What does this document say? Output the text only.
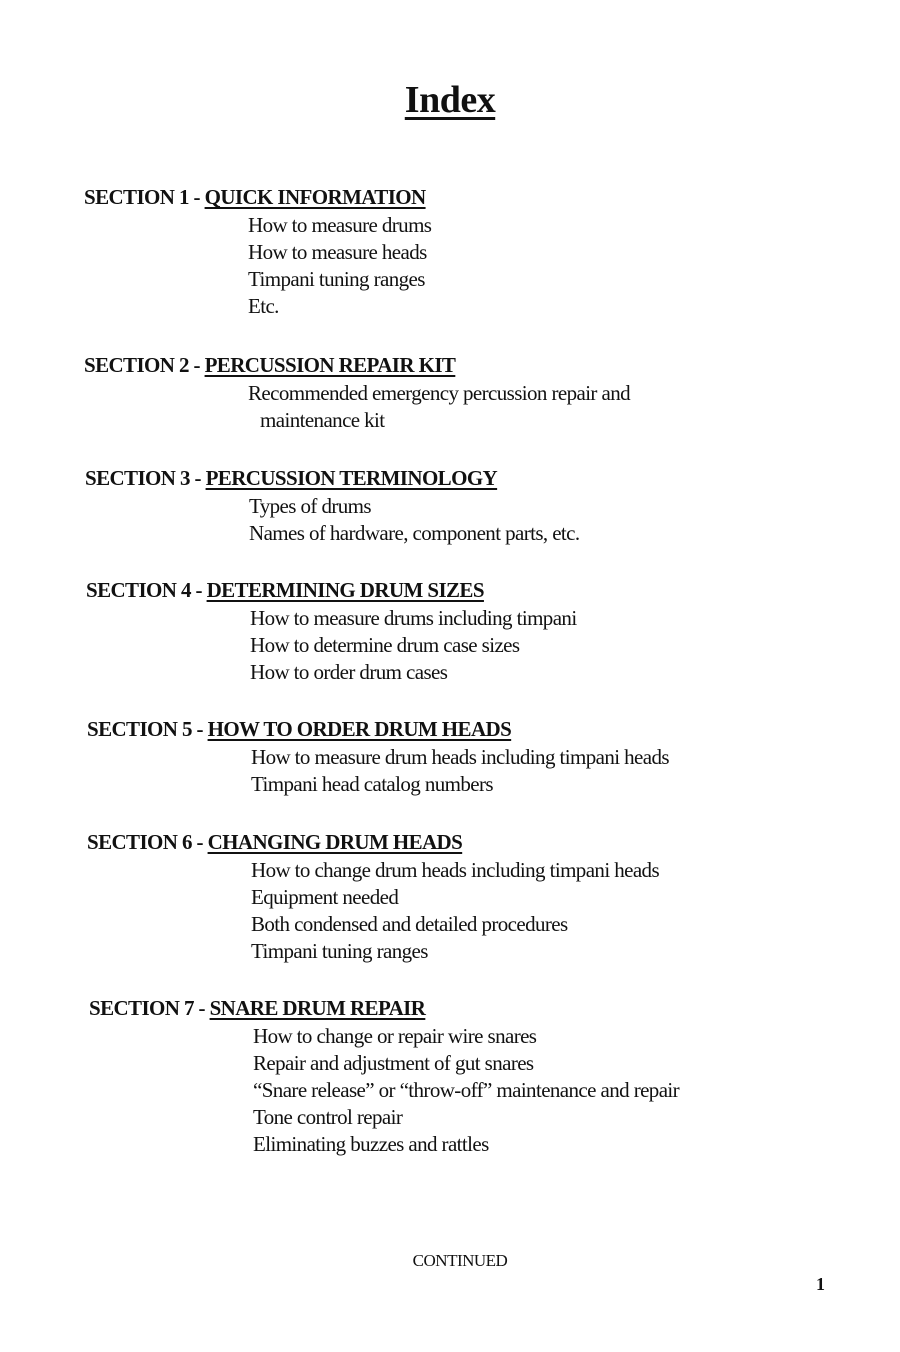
Index
SECTION 1 - QUICK INFORMATION
How to measure drums
How to measure heads
Timpani tuning ranges
Etc.
SECTION 2 - PERCUSSION REPAIR KIT
Recommended emergency percussion repair and
maintenance kit
SECTION 3 - PERCUSSION TERMINOLOGY
Types of drums
Names of hardware, component parts, etc.
SECTION 4 - DETERMINING DRUM SIZES
How to measure drums including timpani
How to determine drum case sizes
How to order drum cases
SECTION 5 - HOW TO ORDER DRUM HEADS
How to measure drum heads including timpani heads
Timpani head catalog numbers
SECTION 6 - CHANGING DRUM HEADS
How to change drum heads including timpani heads
Equipment needed
Both condensed and detailed procedures
Timpani tuning ranges
SECTION 7 - SNARE DRUM REPAIR
How to change or repair wire snares
Repair and adjustment of gut snares
“Snare release” or “throw-off” maintenance and repair
Tone control repair
Eliminating buzzes and rattles
CONTINUED
1
